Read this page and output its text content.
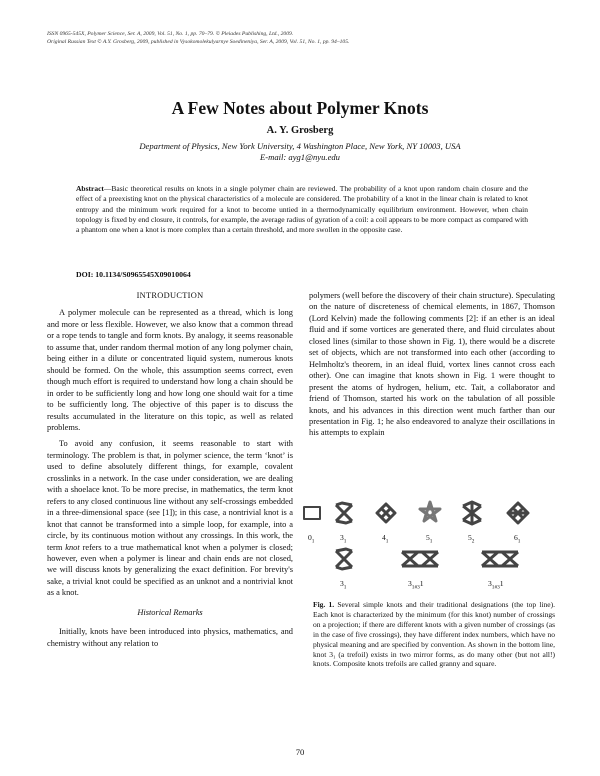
ISSN 0965-545X, Polymer Science, Ser. A, 2009, Vol. 51, No. 1, pp. 70–79. © Pleiades Publishing, Ltd., 2009.
Original Russian Text © A.Y. Grosberg, 2009, published in Vysokomolekulyarnye Soedineniya, Ser. A, 2009, Vol. 51, No. 1, pp. 94–105.
A Few Notes about Polymer Knots
A. Y. Grosberg
Department of Physics, New York University, 4 Washington Place, New York, NY 10003, USA
E-mail: ayg1@nyu.edu
Abstract—Basic theoretical results on knots in a single polymer chain are reviewed. The probability of a knot upon random chain closure and the effect of a preexisting knot on the physical characteristics of a molecule are considered. The probability of a knot in the linear chain is related to knot entropy and the minimum work required for a knot to become untied in a thermodynamically equilibrium environment. However, when chain topology is fixed by end closure, it controls, for example, the average radius of gyration of a coil: a coil appears to be more compact as compared with a phantom one when a knot is more complex than a certain threshold, and more swollen in the opposite case.
DOI: 10.1134/S0965545X09010064
INTRODUCTION

A polymer molecule can be represented as a thread, which is long and more or less flexible. However, we also know that a common thread or a rope tends to tangle and form knots. By analogy, it seems reasonable to assume that, under random thermal motion of any long polymer chain, being either in a dilute or concentrated liquid system, numerous knots should be formed. On the whole, this assumption seems correct, even though much effort is required to understand how long a chain should be in order to be sufficiently long and how long one should wait for a time to be sufficiently long. The objective of this paper is to discuss the results accumulated in the literature on this topic, as well as related problems.

To avoid any confusion, it seems reasonable to start with terminology. The problem is that, in polymer science, the term ‘knot’ is used to define absolutely different things, for example, covalent crosslinks in a network. In the case under consideration, we are dealing with a shoelace knot. To be more precise, in mathematics, the term knot refers to any closed continuous line without any self-crossings embedded in a three-dimensional space (see [1]); in this case, a nontrivial knot is a knot that cannot be transformed into a simple loop, for example, into a circle, by its continuous motion without any crossings. In this work, the term knot refers to a true mathematical knot when a polymer is closed; however, even when a polymer is linear and chain ends are not closed, we will discuss knots by generalizing the exact definition. For brevity's sake, a trivial knot could be specified as an unknot and a nontrivial knot as a knot.

Historical Remarks

Initially, knots have been introduced into physics, mathematics, and chemistry without any relation to

polymers (well before the discovery of their chain structure). Speculating on the nature of discreteness of chemical elements, in 1867, Thomson (Lord Kelvin) made the following comments [2]: if an ether is an ideal fluid and if some vortices are generated there, and fluid circulates about closed lines (similar to those shown in Fig. 1), there would be a discrete set of objects, which are not transformed into each other (according to Helmholtz's theorem, in an ideal fluid, vortex lines cannot cross each other). One can imagine that knots shown in Fig. 1 were thought to present the atoms of hydrogen, helium, etc. Tait, a collaborator and friend of Thomson, started his work on the tabulation of all possible knots, and his advances in this direction went much farther than our presentation in Fig. 1; he also endeavored to analyze their oscillations in his attempts to explain

$0_1$	$3_1$	$4_1$	$5_1$	$5_2$	$6_1$
$3_1$	$3_{1\#3}1$	$3_{1\#3}1$
Fig. 1. Several simple knots and their traditional designations (the top line). Each knot is characterized by the minimum (for this knot) number of crossings on a projection; if there are different knots with a given number of crossings (as in the case of five crossings), they have different index numbers, which have no physical meaning and are specified by convention. As shown in the bottom line, knot 3₁ (a trefoil) exists in two mirror forms, as do many other (but not all!) knots. Composite knots trefoils are called granny and square.
70
